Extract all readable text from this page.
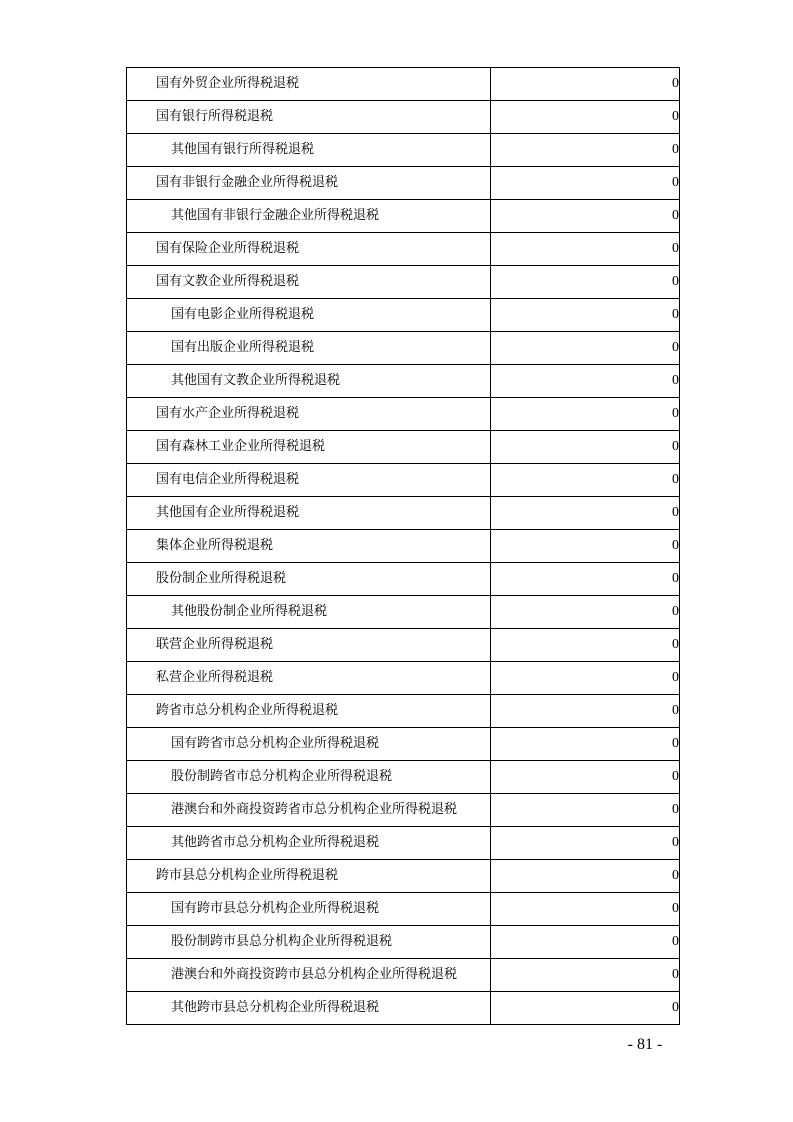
国有外贸企业所得税退税	0
国有银行所得税退税	0
其他国有银行所得税退税	0
国有非银行金融企业所得税退税	0
其他国有非银行金融企业所得税退税	0
国有保险企业所得税退税	0
国有文教企业所得税退税	0
国有电影企业所得税退税	0
国有出版企业所得税退税	0
其他国有文教企业所得税退税	0
国有水产企业所得税退税	0
国有森林工业企业所得税退税	0
国有电信企业所得税退税	0
其他国有企业所得税退税	0
集体企业所得税退税	0
股份制企业所得税退税	0
其他股份制企业所得税退税	0
联营企业所得税退税	0
私营企业所得税退税	0
跨省市总分机构企业所得税退税	0
国有跨省市总分机构企业所得税退税	0
股份制跨省市总分机构企业所得税退税	0
港澳台和外商投资跨省市总分机构企业所得税退税	0
其他跨省市总分机构企业所得税退税	0
跨市县总分机构企业所得税退税	0
国有跨市县总分机构企业所得税退税	0
股份制跨市县总分机构企业所得税退税	0
港澳台和外商投资跨市县总分机构企业所得税退税	0
其他跨市县总分机构企业所得税退税	0
- 81 -
